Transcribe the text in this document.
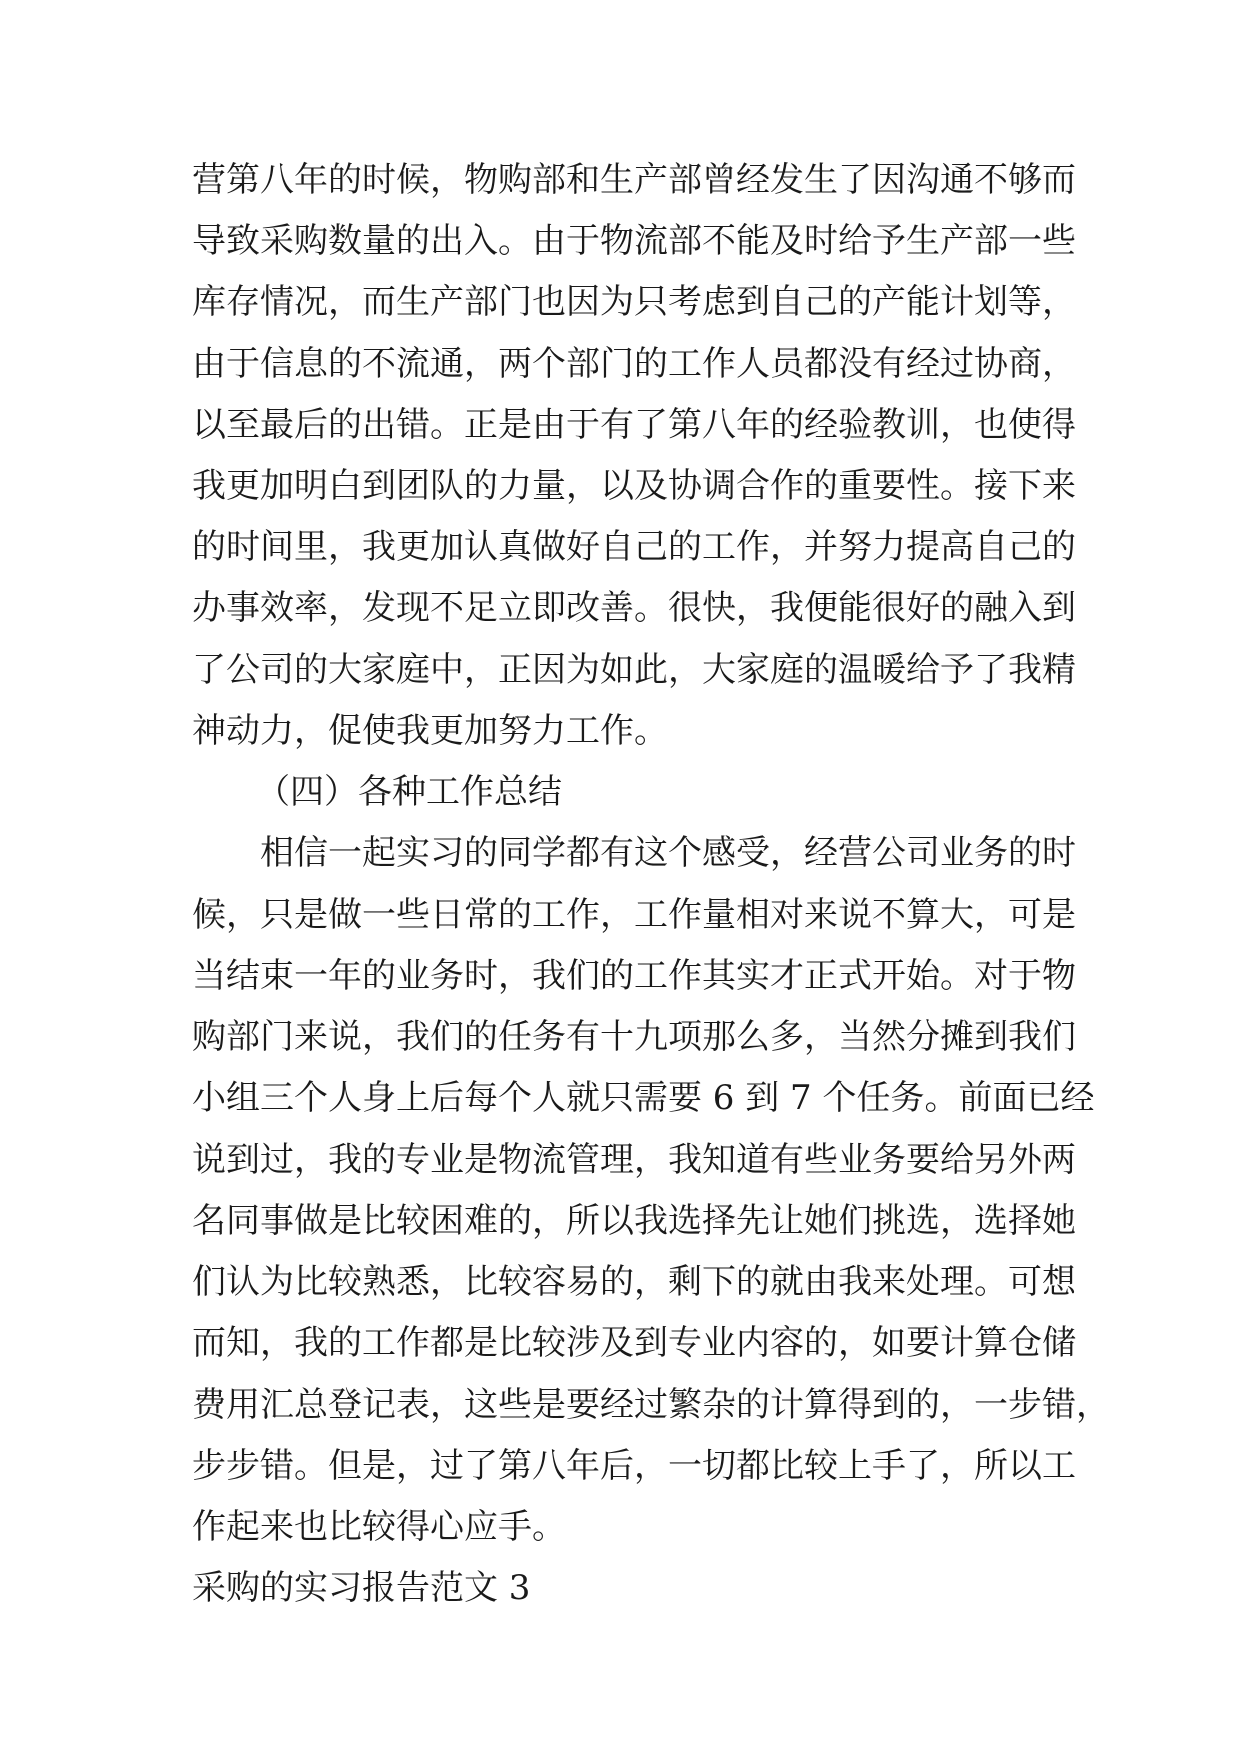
营第八年的时候，物购部和生产部曾经发生了因沟通不够而
导致采购数量的出入。由于物流部不能及时给予生产部一些
库存情况，而生产部门也因为只考虑到自己的产能计划等，
由于信息的不流通，两个部门的工作人员都没有经过协商，
以至最后的出错。正是由于有了第八年的经验教训，也使得
我更加明白到团队的力量，以及协调合作的重要性。接下来
的时间里，我更加认真做好自己的工作，并努力提高自己的
办事效率，发现不足立即改善。很快，我便能很好的融入到
了公司的大家庭中，正因为如此，大家庭的温暖给予了我精
神动力，促使我更加努力工作。
（四）各种工作总结
相信一起实习的同学都有这个感受，经营公司业务的时
候，只是做一些日常的工作，工作量相对来说不算大，可是
当结束一年的业务时，我们的工作其实才正式开始。对于物
购部门来说，我们的任务有十九项那么多，当然分摊到我们
小组三个人身上后每个人就只需要 6 到 7 个任务。前面已经
说到过，我的专业是物流管理，我知道有些业务要给另外两
名同事做是比较困难的，所以我选择先让她们挑选，选择她
们认为比较熟悉，比较容易的，剩下的就由我来处理。可想
而知，我的工作都是比较涉及到专业内容的，如要计算仓储
费用汇总登记表，这些是要经过繁杂的计算得到的，一步错，
步步错。但是，过了第八年后，一切都比较上手了，所以工
作起来也比较得心应手。
采购的实习报告范文 3
